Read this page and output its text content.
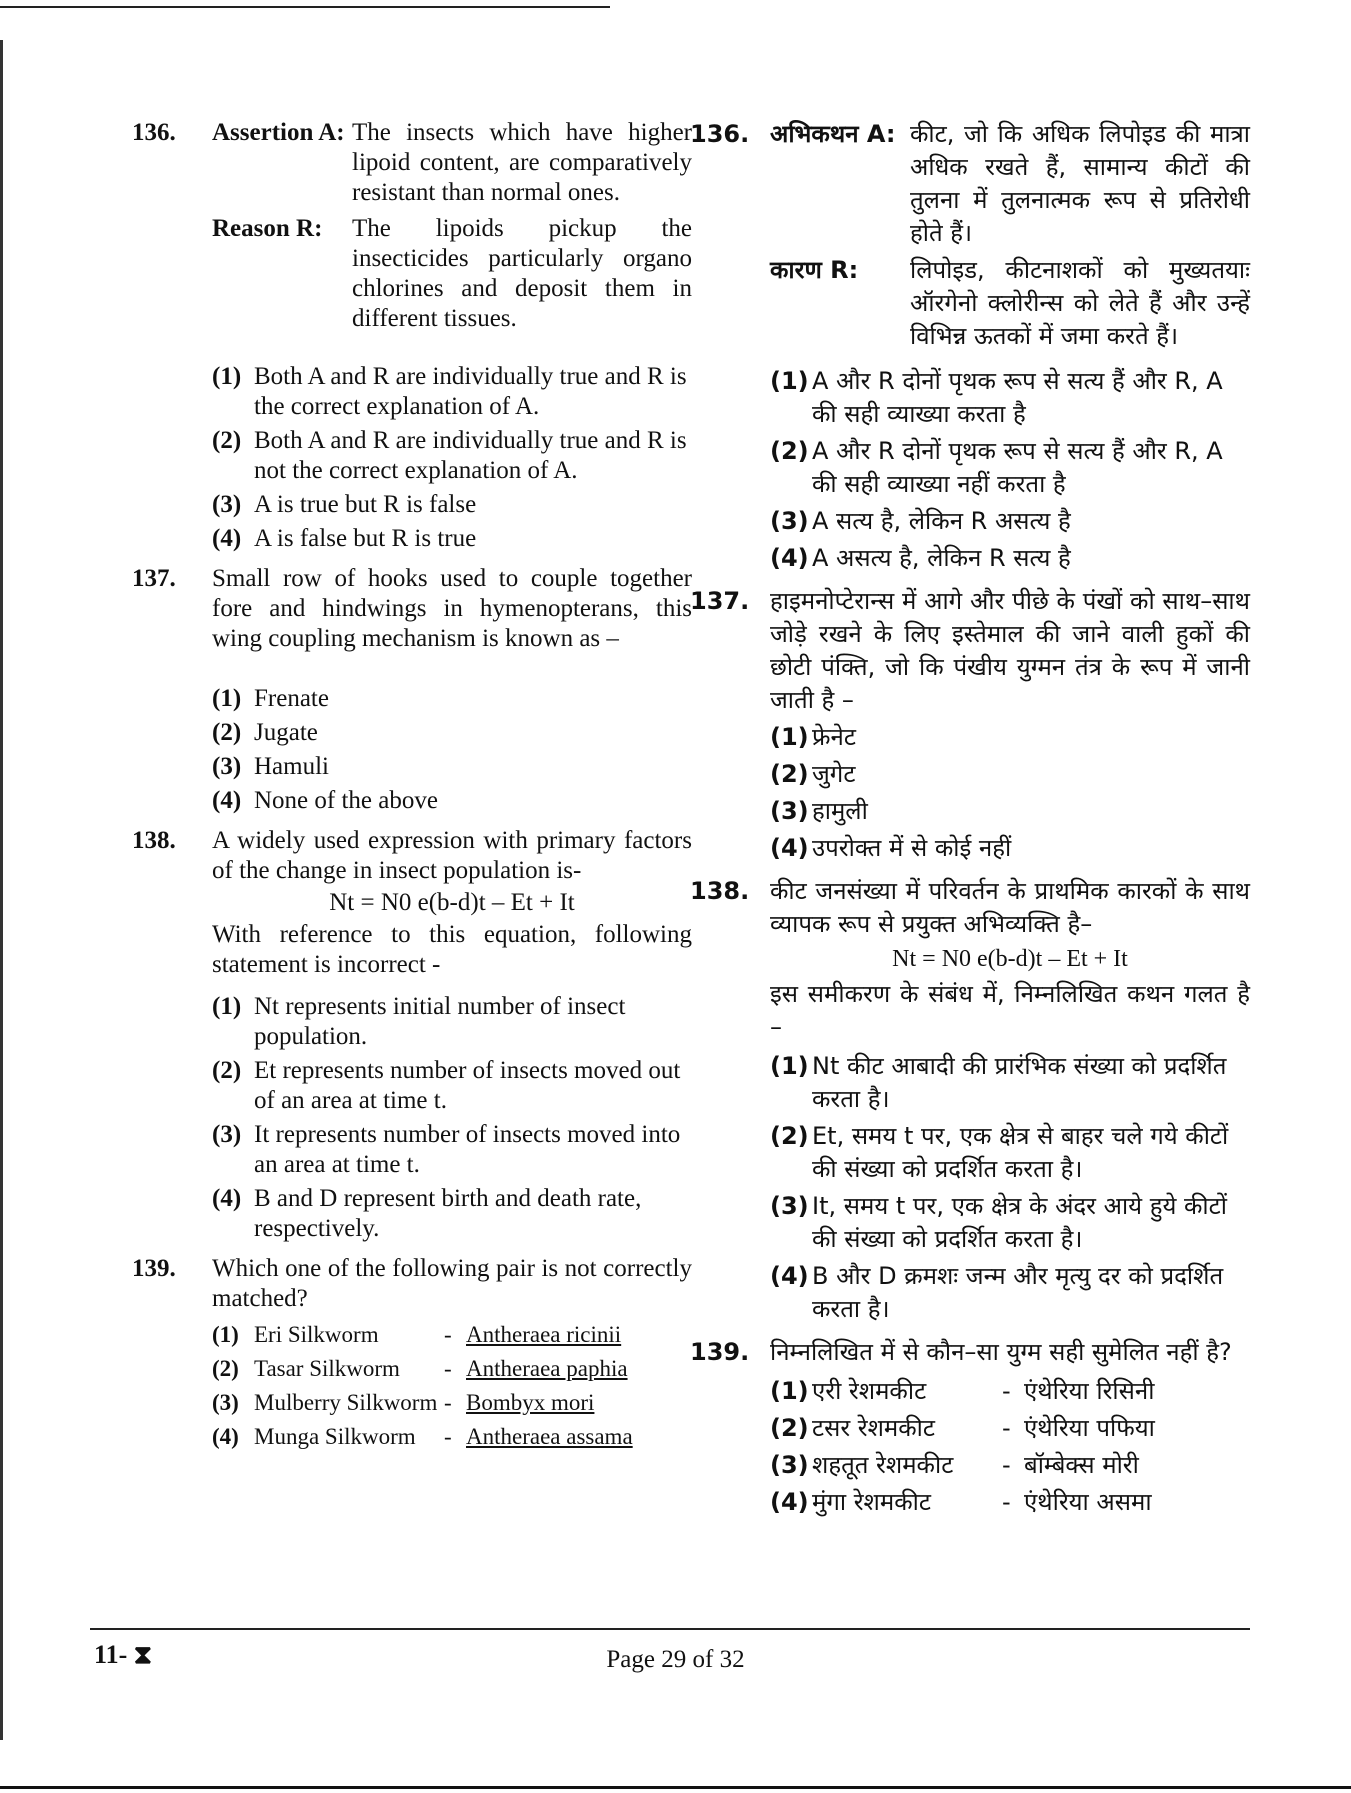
136. Assertion A: The insects which have higher lipoid content, are comparatively resistant than normal ones.
Reason R:	The lipoids pickup the insecticides particularly organo chlorines and deposit them in different tissues.
(1) Both A and R are individually true and R is the correct explanation of A.
(2) Both A and R are individually true and R is not the correct explanation of A.
(3) A is true but R is false
(4) A is false but R is true
137. Small row of hooks used to couple together fore and hindwings in hymenopterans, this wing coupling mechanism is known as –
(1) Frenate
(2) Jugate
(3) Hamuli
(4) None of the above
138. A widely used expression with primary factors of the change in insect population is-
Nt = N0 e(b-d)t – Et + It
With reference to this equation, following statement is incorrect -
(1) Nt represents initial number of insect population.
(2) Et represents number of insects moved out of an area at time t.
(3) It represents number of insects moved into an area at time t.
(4) B and D represent birth and death rate, respectively.
139. Which one of the following pair is not correctly matched?
(1) Eri Silkworm	- Antheraea ricinii
(2) Tasar Silkworm	- Antheraea paphia
(3) Mulberry Silkworm - Bombyx mori
(4) Munga Silkworm	- Antheraea assama
136. अभिकथन A: कीट, जो कि अधिक लिपोइड की मात्रा अधिक रखते हैं, सामान्य कीटों की तुलना में तुलनात्मक रूप से प्रतिरोधी होते हैं।
कारण R:	लिपोइड, कीटनाशकों को मुख्यतयाः ऑरगेनो क्लोरीन्स को लेते हैं और उन्हें विभिन्न ऊतकों में जमा करते हैं।
(1) A और R दोनों पृथक रूप से सत्य हैं और R, A की सही व्याख्या करता है
(2) A और R दोनों पृथक रूप से सत्य हैं और R, A की सही व्याख्या नहीं करता है
(3) A सत्य है, लेकिन R असत्य है
(4) A असत्य है, लेकिन R सत्य है
137. हाइमनोप्टेरान्स में आगे और पीछे के पंखों को साथ–साथ जोड़े रखने के लिए इस्तेमाल की जाने वाली हुकों की छोटी पंक्ति, जो कि पंखीय युग्मन तंत्र के रूप में जानी जाती है –
(1) फ्रेनेट
(2) जुगेट
(3) हामुली
(4) उपरोक्त में से कोई नहीं
138. कीट जनसंख्या में परिवर्तन के प्राथमिक कारकों के साथ व्यापक रूप से प्रयुक्त अभिव्यक्ति है–
Nt = N0 e(b-d)t – Et + It
इस समीकरण के संबंध में, निम्नलिखित कथन गलत है –
(1) Nt कीट आबादी की प्रारंभिक संख्या को प्रदर्शित करता है।
(2) Et, समय t पर, एक क्षेत्र से बाहर चले गये कीटों की संख्या को प्रदर्शित करता है।
(3) It, समय t पर, एक क्षेत्र के अंदर आये हुये कीटों की संख्या को प्रदर्शित करता है।
(4) B और D क्रमशः जन्म और मृत्यु दर को प्रदर्शित करता है।
139. निम्नलिखित में से कौन–सा युग्म सही सुमेलित नहीं है?
(1) एरी रेशमकीट	- एंथेरिया रिसिनी
(2) टसर रेशमकीट	- एंथेरिया पफिया
(3) शहतूत रेशमकीट	- बॉम्बेक्स मोरी
(4) मुंगा रेशमकीट	- एंथेरिया असमा
11- ⧗	Page 29 of 32
